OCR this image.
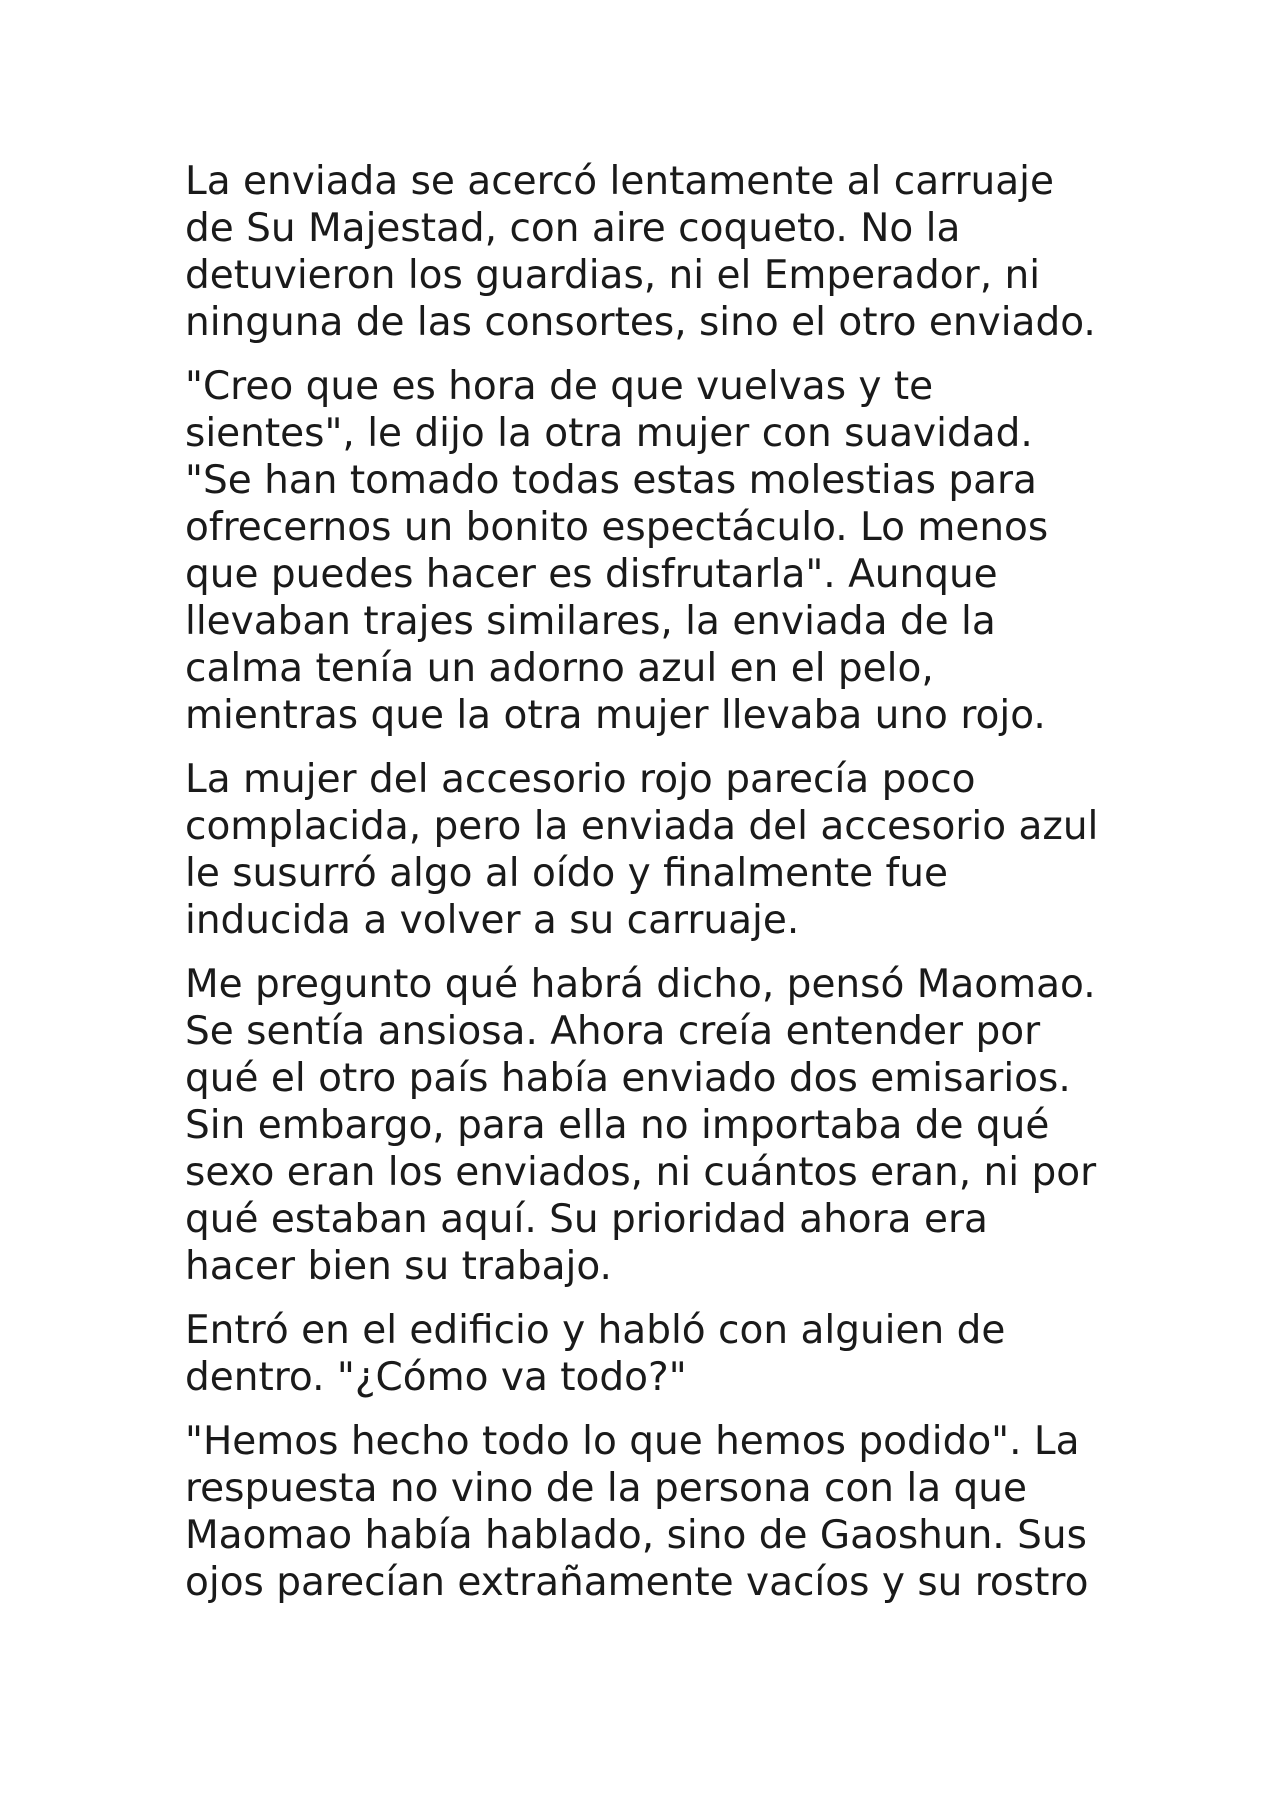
La enviada se acercó lentamente al carruaje
de Su Majestad, con aire coqueto. No la
detuvieron los guardias, ni el Emperador, ni
ninguna de las consortes, sino el otro enviado.

"Creo que es hora de que vuelvas y te
sientes", le dijo la otra mujer con suavidad.
"Se han tomado todas estas molestias para
ofrecernos un bonito espectáculo. Lo menos
que puedes hacer es disfrutarla". Aunque
llevaban trajes similares, la enviada de la
calma tenía un adorno azul en el pelo,
mientras que la otra mujer llevaba uno rojo.

La mujer del accesorio rojo parecía poco
complacida, pero la enviada del accesorio azul
le susurró algo al oído y finalmente fue
inducida a volver a su carruaje.

Me pregunto qué habrá dicho, pensó Maomao.
Se sentía ansiosa. Ahora creía entender por
qué el otro país había enviado dos emisarios.
Sin embargo, para ella no importaba de qué
sexo eran los enviados, ni cuántos eran, ni por
qué estaban aquí. Su prioridad ahora era
hacer bien su trabajo.

Entró en el edificio y habló con alguien de
dentro. "¿Cómo va todo?"

"Hemos hecho todo lo que hemos podido". La
respuesta no vino de la persona con la que
Maomao había hablado, sino de Gaoshun. Sus
ojos parecían extrañamente vacíos y su rostro
